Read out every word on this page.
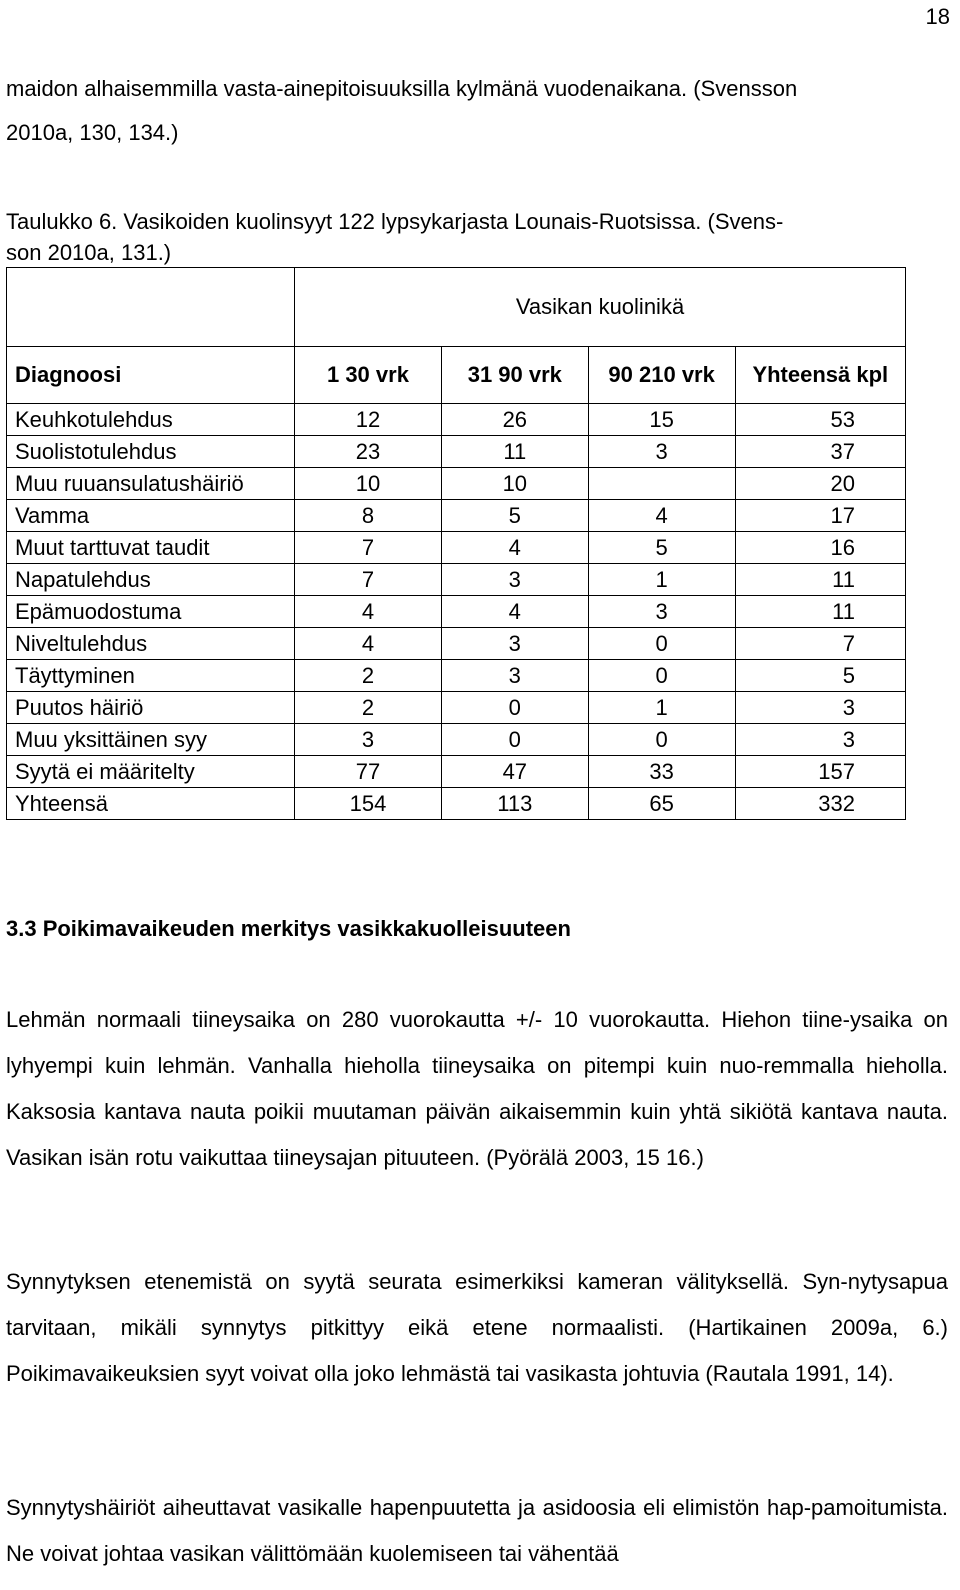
18
maidon alhaisemmilla vasta-ainepitoisuuksilla kylmänä vuodenaikana. (Svensson
2010a, 130, 134.)
Taulukko 6. Vasikoiden kuolinsyyt 122 lypsykarjasta Lounais-Ruotsissa. (Svens-
son 2010a, 131.)
	Vasikan kuolinikä			
Diagnoosi	1 30 vrk	31 90 vrk	90 210 vrk	Yhteensä kpl
Keuhkotulehdus	12	26	15	53
Suolistotulehdus	23	11	3	37
Muu ruuansulatushäiriö	10	10		20
Vamma	8	5	4	17
Muut tarttuvat taudit	7	4	5	16
Napatulehdus	7	3	1	11
Epämuodostuma	4	4	3	11
Niveltulehdus	4	3	0	7
Täyttyminen	2	3	0	5
Puutos häiriö	2	0	1	3
Muu yksittäinen syy	3	0	0	3
Syytä ei määritelty	77	47	33	157
Yhteensä	154	113	65	332
3.3 Poikimavaikeuden merkitys vasikkakuolleisuuteen
Lehmän normaali tiineysaika on 280 vuorokautta +/- 10 vuorokautta. Hiehon tiine-ysaika on lyhyempi kuin lehmän. Vanhalla hieholla tiineysaika on pitempi kuin nuo-remmalla hieholla. Kaksosia kantava nauta poikii muutaman päivän aikaisemmin kuin yhtä sikiötä kantava nauta. Vasikan isän rotu vaikuttaa tiineysajan pituuteen. (Pyörälä 2003, 15 16.)
Synnytyksen etenemistä on syytä seurata esimerkiksi kameran välityksellä. Syn-nytysapua tarvitaan, mikäli synnytys pitkittyy eikä etene normaalisti. (Hartikainen 2009a, 6.) Poikimavaikeuksien syyt voivat olla joko lehmästä tai vasikasta johtuvia (Rautala 1991, 14).
Synnytyshäiriöt aiheuttavat vasikalle hapenpuutetta ja asidoosia eli elimistön hap-pamoitumista. Ne voivat johtaa vasikan välittömään kuolemiseen tai vähentää
